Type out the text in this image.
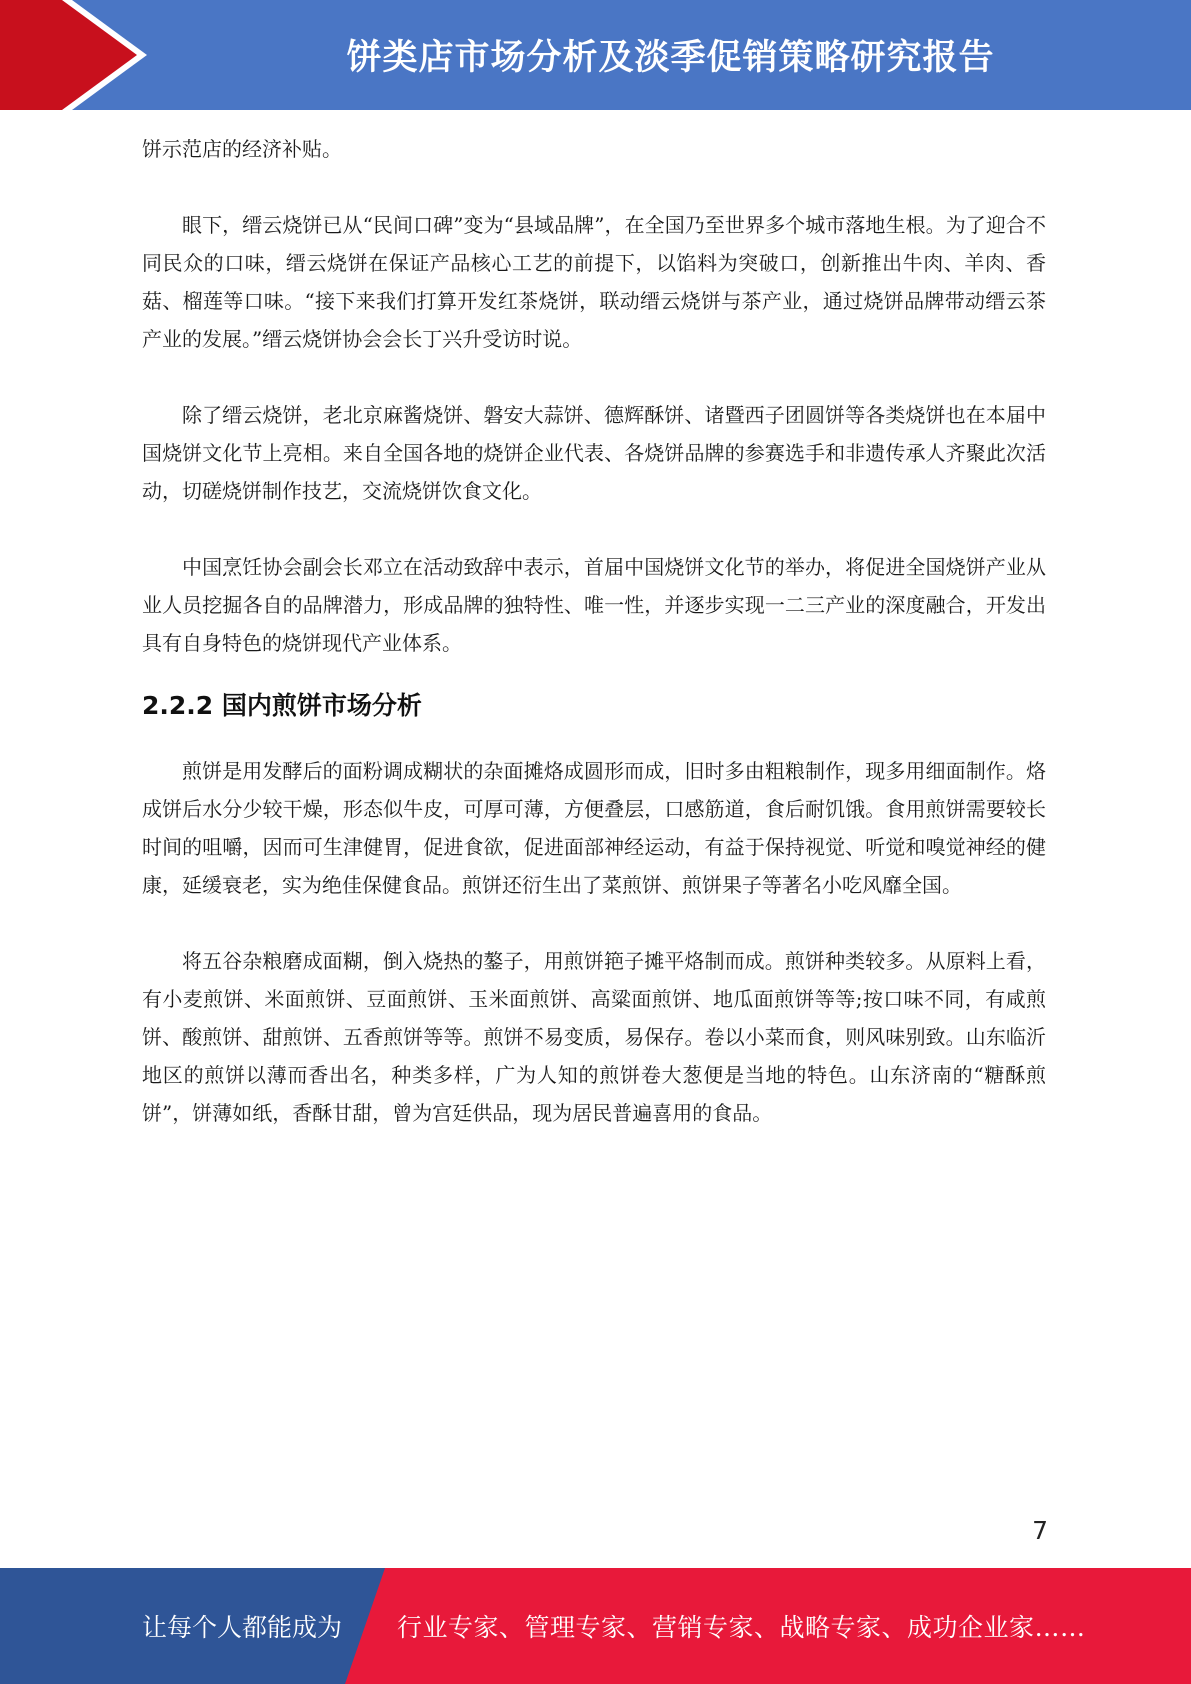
饼类店市场分析及淡季促销策略研究报告

饼示范店的经济补贴。

眼下，缙云烧饼已从“民间口碑”变为“县域品牌”，在全国乃至世界多个城市落地生根。为了迎合不同民众的口味，缙云烧饼在保证产品核心工艺的前提下，以馅料为突破口，创新推出牛肉、羊肉、香菇、榴莲等口味。“接下来我们打算开发红茶烧饼，联动缙云烧饼与茶产业，通过烧饼品牌带动缙云茶产业的发展。”缙云烧饼协会会长丁兴升受访时说。

除了缙云烧饼，老北京麻酱烧饼、磐安大蒜饼、德辉酥饼、诸暨西子团圆饼等各类烧饼也在本届中国烧饼文化节上亮相。来自全国各地的烧饼企业代表、各烧饼品牌的参赛选手和非遗传承人齐聚此次活动，切磋烧饼制作技艺，交流烧饼饮食文化。

中国烹饪协会副会长邓立在活动致辞中表示，首届中国烧饼文化节的举办，将促进全国烧饼产业从业人员挖掘各自的品牌潜力，形成品牌的独特性、唯一性，并逐步实现一二三产业的深度融合，开发出具有自身特色的烧饼现代产业体系。

2.2.2 国内煎饼市场分析

煎饼是用发酵后的面粉调成糊状的杂面摊烙成圆形而成，旧时多由粗粮制作，现多用细面制作。烙成饼后水分少较干燥，形态似牛皮，可厚可薄，方便叠层，口感筋道，食后耐饥饿。食用煎饼需要较长时间的咀嚼，因而可生津健胃，促进食欲，促进面部神经运动，有益于保持视觉、听觉和嗅觉神经的健康，延缓衰老，实为绝佳保健食品。煎饼还衍生出了菜煎饼、煎饼果子等著名小吃风靡全国。

将五谷杂粮磨成面糊，倒入烧热的鏊子，用煎饼筢子摊平烙制而成。煎饼种类较多。从原料上看，有小麦煎饼、米面煎饼、豆面煎饼、玉米面煎饼、高粱面煎饼、地瓜面煎饼等等;按口味不同，有咸煎饼、酸煎饼、甜煎饼、五香煎饼等等。煎饼不易变质，易保存。卷以小菜而食，则风味别致。山东临沂地区的煎饼以薄而香出名，种类多样，广为人知的煎饼卷大葱便是当地的特色。山东济南的“糖酥煎饼”，饼薄如纸，香酥甘甜，曾为宫廷供品，现为居民普遍喜用的食品。

7
让每个人都能成为 行业专家、管理专家、营销专家、战略专家、成功企业家……
